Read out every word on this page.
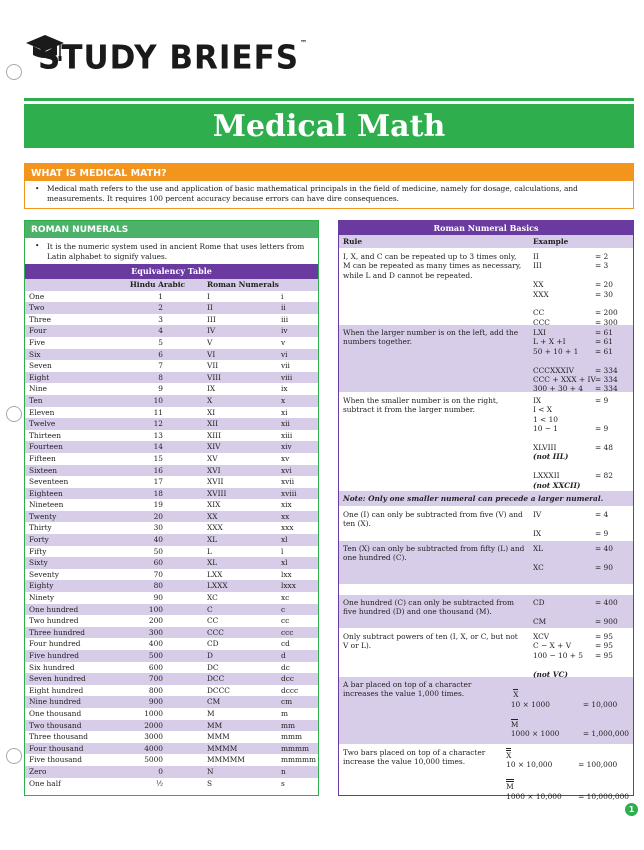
STUDY BRIEFS™
Medical Math
WHAT IS MEDICAL MATH?
• Medical math refers to the use and application of basic mathematical principals in the field of medicine, namely for dosage, calculations, and measurements. It requires 100 percent accuracy because errors can have dire consequences.
ROMAN NUMERALS
• It is the numeric system used in ancient Rome that uses letters from Latin alphabet to signify values.
Equivalency Table
Hindu Arabic	Roman Numerals
One	1	I	i
Two	2	II	ii
Three	3	III	iii
Four	4	IV	iv
Five	5	V	v
Six	6	VI	vi
Seven	7	VII	vii
Eight	8	VIII	viii
Nine	9	IX	ix
Ten	10	X	x
Eleven	11	XI	xi
Twelve	12	XII	xii
Thirteen	13	XIII	xiii
Fourteen	14	XIV	xiv
Fifteen	15	XV	xv
Sixteen	16	XVI	xvi
Seventeen	17	XVII	xvii
Eighteen	18	XVIII	xviii
Nineteen	19	XIX	xix
Twenty	20	XX	xx
Thirty	30	XXX	xxx
Forty	40	XL	xl
Fifty	50	L	l
Sixty	60	XL	xl
Seventy	70	LXX	lxx
Eighty	80	LXXX	lxxx
Ninety	90	XC	xc
One hundred	100	C	c
Two hundred	200	CC	cc
Three hundred	300	CCC	ccc
Four hundred	400	CD	cd
Five hundred	500	D	d
Six hundred	600	DC	dc
Seven hundred	700	DCC	dcc
Eight hundred	800	DCCC	dccc
Nine hundred	900	CM	cm
One thousand	1000	M	m
Two thousand	2000	MM	mm
Three thousand	3000	MMM	mmm
Four thousand	4000	MMMM	mmmm
Five thousand	5000	MMMMM	mmmmm
Zero	0	N	n
One half	½	S	s
Roman Numeral Basics
Rule	Example
I, X, and C can be repeated up to 3 times only, M can be repeated as many times as necessary, while L and D cannot be repeated.
II	= 2
III	= 3
XX	= 20
XXX	= 30
CC	= 200
CCC	= 300
When the larger number is on the left, add the numbers together.
LXI	= 61
L + X +I	= 61
50 + 10 + 1	= 61
CCCXXXIV	= 334
CCC + XXX + IV = 334
300 + 30 + 4	= 334
When the smaller number is on the right, subtract it from the larger number.
IX	= 9
I < X
1 < 10
10 − 1	= 9
XLVIII	= 48
(not IIL)
LXXXII	= 82
(not XXCII)
Note: Only one smaller numeral can precede a larger numeral.
One (I) can only be subtracted from five (V) and ten (X).
IV	= 4
IX	= 9
Ten (X) can only be subtracted from fifty (L) and one hundred (C).
XL	= 40
XC	= 90
One hundred (C) can only be subtracted from five hundred (D) and one thousand (M).
CD	= 400
CM	= 900
Only subtract powers of ten (I, X, or C, but not V or L).
XCV	= 95
C − X + V	= 95
100 − 10 + 5	= 95
(not VC)
A bar placed on top of a character increases the value 1,000 times.	X
10 × 1000	= 10,000
M
1000 × 1000	= 1,000,000
Two bars placed on top of a character increase the value 10,000 times.
X
10 × 10,000	= 100,000
M
1000 × 10,000	= 10,000,000
1
